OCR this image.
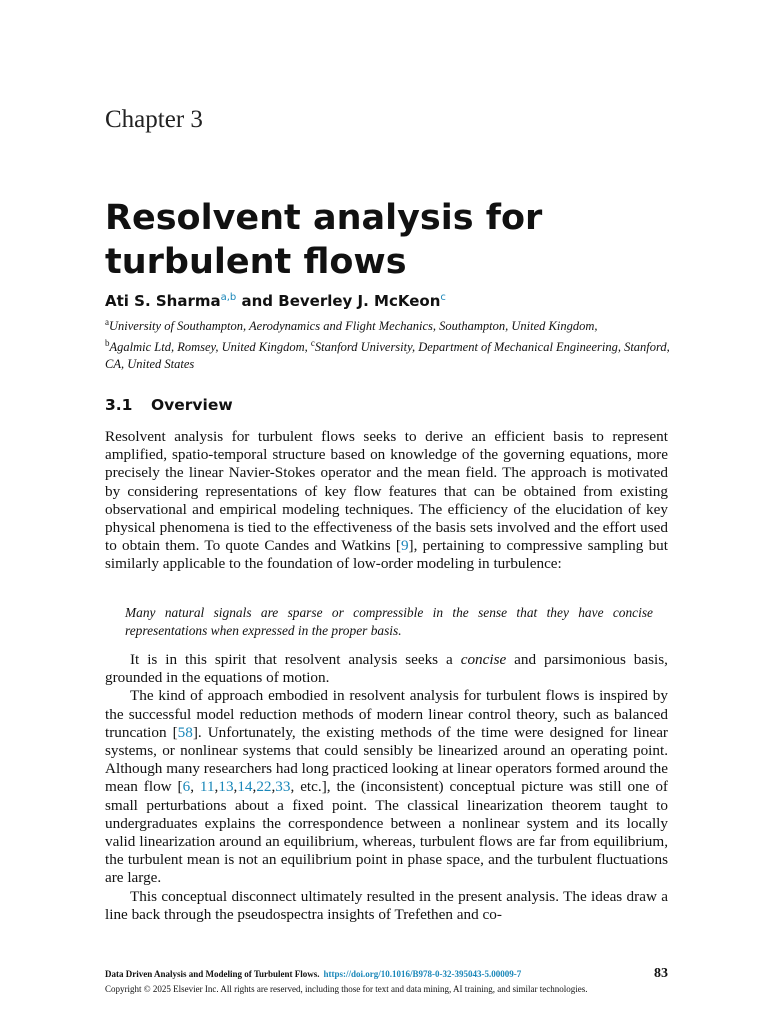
Chapter 3
Resolvent analysis for turbulent flows
Ati S. Sharma$^{a,b}$ and Beverley J. McKeon$^c$
$^a$University of Southampton, Aerodynamics and Flight Mechanics, Southampton, United Kingdom,
$^b$Agalmic Ltd, Romsey, United Kingdom, $^c$Stanford University, Department of Mechanical Engineering, Stanford, CA, United States
3.1 Overview
Resolvent analysis for turbulent flows seeks to derive an efficient basis to represent amplified, spatio-temporal structure based on knowledge of the governing equations, more precisely the linear Navier-Stokes operator and the mean field. The approach is motivated by considering representations of key flow features that can be obtained from existing observational and empirical modeling techniques. The efficiency of the elucidation of key physical phenomena is tied to the effectiveness of the basis sets involved and the effort used to obtain them. To quote Candes and Watkins [9], pertaining to compressive sampling but similarly applicable to the foundation of low-order modeling in turbulence:
Many natural signals are sparse or compressible in the sense that they have concise representations when expressed in the proper basis.

It is in this spirit that resolvent analysis seeks a concise and parsimonious basis, grounded in the equations of motion.

The kind of approach embodied in resolvent analysis for turbulent flows is inspired by the successful model reduction methods of modern linear control theory, such as balanced truncation [58]. Unfortunately, the existing methods of the time were designed for linear systems, or nonlinear systems that could sensibly be linearized around an operating point. Although many researchers had long practiced looking at linear operators formed around the mean flow [6, 11,13,14,22,33, etc.], the (inconsistent) conceptual picture was still one of small perturbations about a fixed point. The classical linearization theorem taught to undergraduates explains the correspondence between a nonlinear system and its locally valid linearization around an equilibrium, whereas, turbulent flows are far from equilibrium, the turbulent mean is not an equilibrium point in phase space, and the turbulent fluctuations are large.

This conceptual disconnect ultimately resulted in the present analysis. The ideas draw a line back through the pseudospectra insights of Trefethen and co-

Data Driven Analysis and Modeling of Turbulent Flows. https://doi.org/10.1016/B978-0-32-395043-5.00009-7	83
Copyright © 2025 Elsevier Inc. All rights are reserved, including those for text and data mining, AI training, and similar technologies.
